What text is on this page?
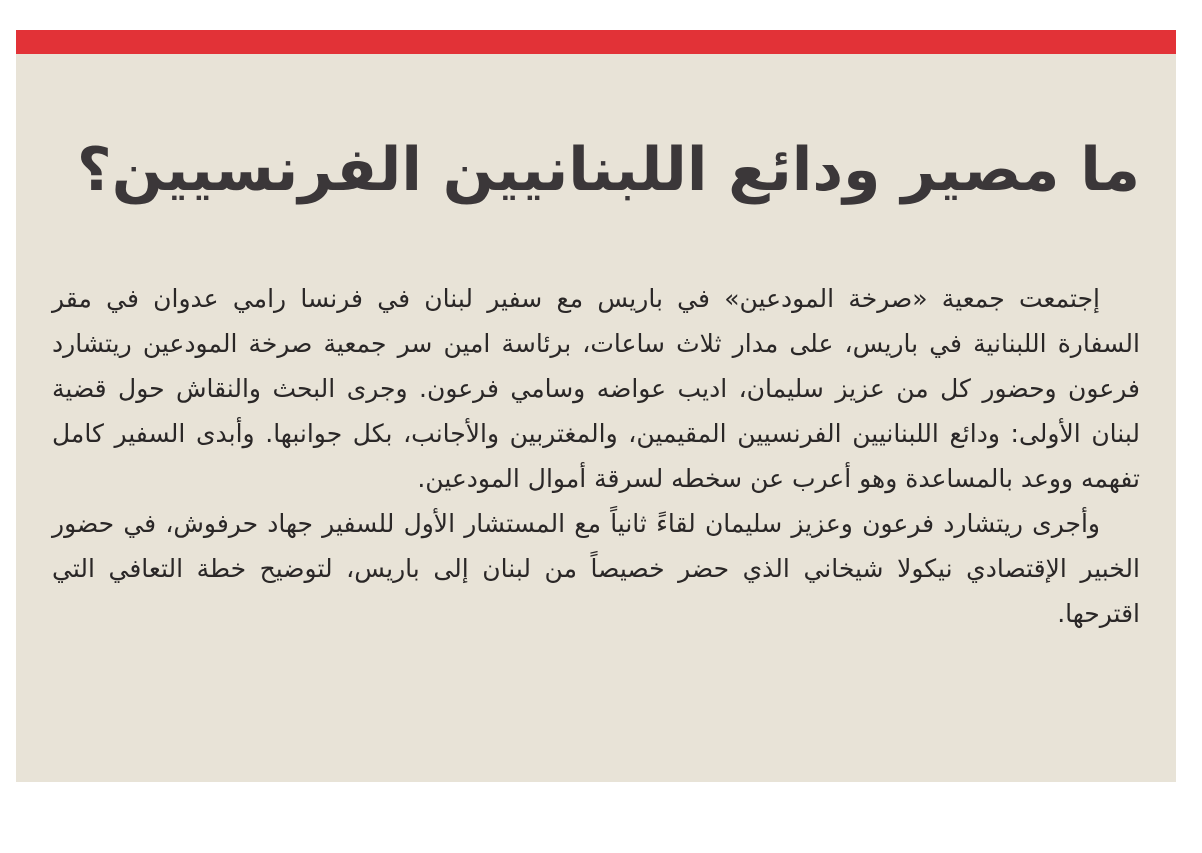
ما مصير ودائع اللبنانيين الفرنسيين؟

إجتمعت جمعية «صرخة المودعين» في باريس مع سفير لبنان في فرنسا رامي عدوان في مقر السفارة اللبنانية في باريس، على مدار ثلاث ساعات، برئاسة امين سر جمعية صرخة المودعين ريتشارد فرعون وحضور كل من عزيز سليمان، اديب عواضه وسامي فرعون. وجرى البحث والنقاش حول قضية لبنان الأولى: ودائع اللبنانيين الفرنسيين المقيمين، والمغتربين والأجانب، بكل جوانبها. وأبدى السفير كامل تفهمه ووعد بالمساعدة وهو أعرب عن سخطه لسرقة أموال المودعين.

وأجرى ريتشارد فرعون وعزيز سليمان لقاءً ثانياً مع المستشار الأول للسفير جهاد حرفوش، في حضور الخبير الإقتصادي نيكولا شيخاني الذي حضر خصيصاً من لبنان إلى باريس، لتوضيح خطة التعافي التي اقترحها.
